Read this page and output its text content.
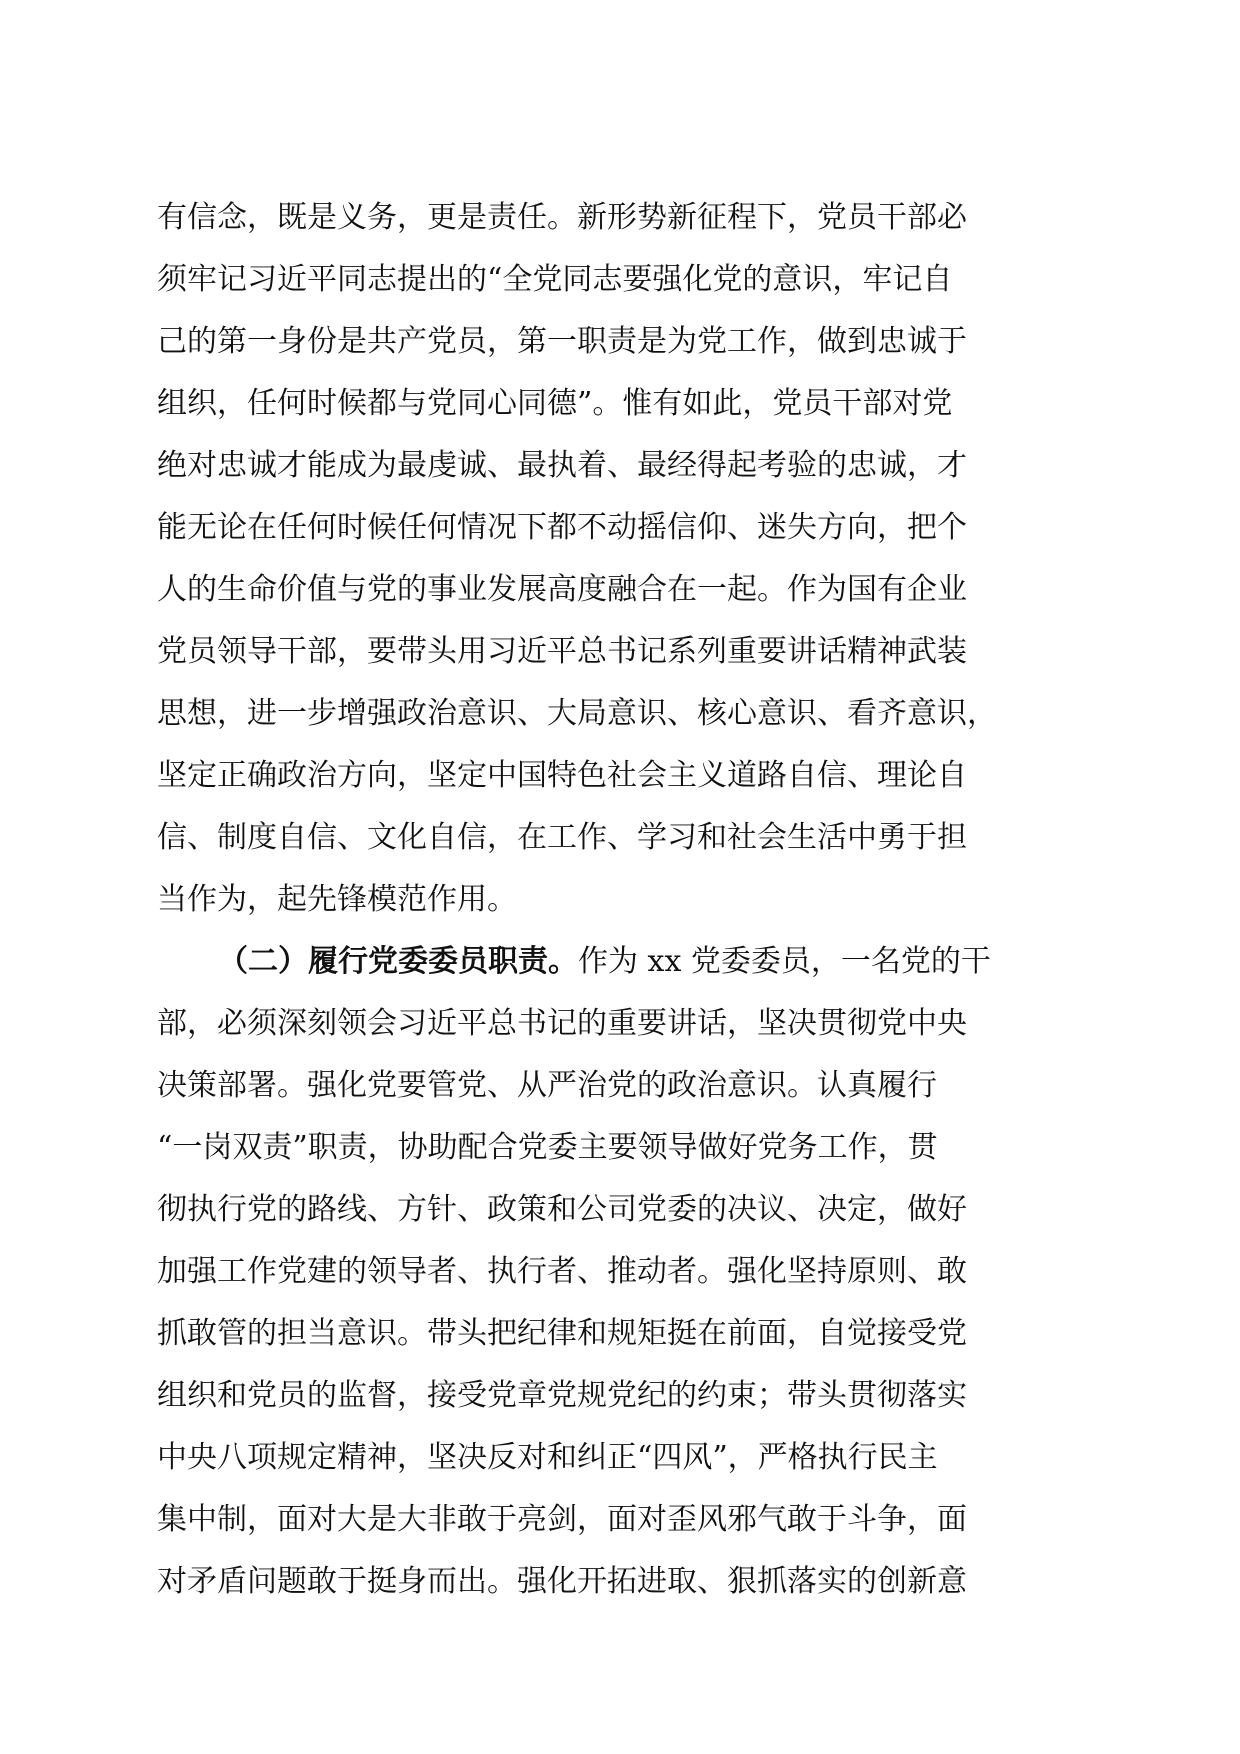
有信念，既是义务，更是责任。新形势新征程下，党员干部必
须牢记习近平同志提出的“全党同志要强化党的意识，牢记自
己的第一身份是共产党员，第一职责是为党工作，做到忠诚于
组织，任何时候都与党同心同德”。惟有如此，党员干部对党
绝对忠诚才能成为最虔诚、最执着、最经得起考验的忠诚，才
能无论在任何时候任何情况下都不动摇信仰、迷失方向，把个
人的生命价值与党的事业发展高度融合在一起。作为国有企业
党员领导干部，要带头用习近平总书记系列重要讲话精神武装
思想，进一步增强政治意识、大局意识、核心意识、看齐意识，
坚定正确政治方向，坚定中国特色社会主义道路自信、理论自
信、制度自信、文化自信，在工作、学习和社会生活中勇于担
当作为，起先锋模范作用。
（二）履行党委委员职责。作为 xx 党委委员，一名党的干
部，必须深刻领会习近平总书记的重要讲话，坚决贯彻党中央
决策部署。强化党要管党、从严治党的政治意识。认真履行
“一岗双责”职责，协助配合党委主要领导做好党务工作，贯
彻执行党的路线、方针、政策和公司党委的决议、决定，做好
加强工作党建的领导者、执行者、推动者。强化坚持原则、敢
抓敢管的担当意识。带头把纪律和规矩挺在前面，自觉接受党
组织和党员的监督，接受党章党规党纪的约束；带头贯彻落实
中央八项规定精神，坚决反对和纠正“四风”，严格执行民主
集中制，面对大是大非敢于亮剑，面对歪风邪气敢于斗争，面
对矛盾问题敢于挺身而出。强化开拓进取、狠抓落实的创新意
